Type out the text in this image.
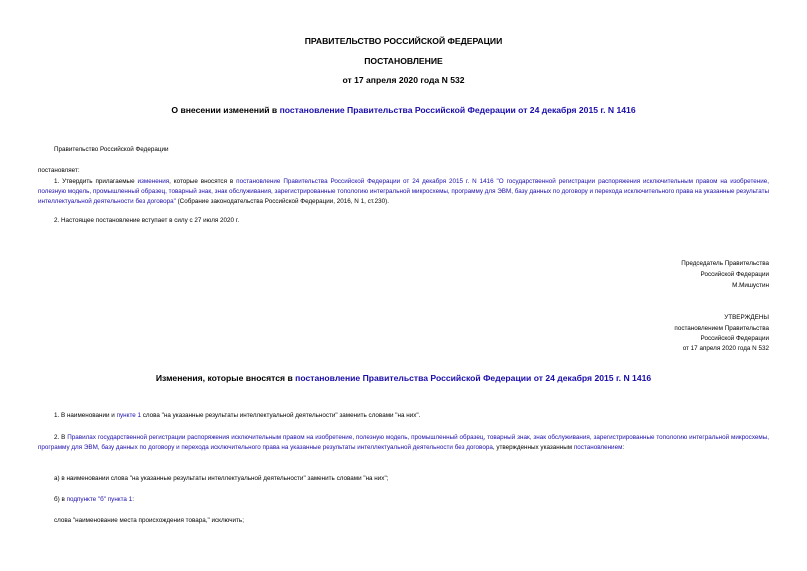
ПРАВИТЕЛЬСТВО РОССИЙСКОЙ ФЕДЕРАЦИИ
ПОСТАНОВЛЕНИЕ
от 17 апреля 2020 года N 532
О внесении изменений в постановление Правительства Российской Федерации от 24 декабря 2015 г. N 1416
Правительство Российской Федерации
постановляет:
1. Утвердить прилагаемые изменения, которые вносятся в постановление Правительства Российской Федерации от 24 декабря 2015 г. N 1416 "О государственной регистрации распоряжения исключительным правом на изобретение, полезную модель, промышленный образец, товарный знак, знак обслуживания, зарегистрированные топологию интегральной микросхемы, программу для ЭВМ, базу данных по договору и перехода исключительного права на указанные результаты интеллектуальной деятельности без договора" (Собрание законодательства Российской Федерации, 2016, N 1, ст.230).
2. Настоящее постановление вступает в силу с 27 июля 2020 г.
Председатель Правительства
Российской Федерации
М.Мишустин
УТВЕРЖДЕНЫ
постановлением Правительства
Российской Федерации
от 17 апреля 2020 года N 532
Изменения, которые вносятся в постановление Правительства Российской Федерации от 24 декабря 2015 г. N 1416
1. В наименовании и пункте 1 слова "на указанные результаты интеллектуальной деятельности" заменить словами "на них".
2. В Правилах государственной регистрации распоряжения исключительным правом на изобретение, полезную модель, промышленный образец, товарный знак, знак обслуживания, зарегистрированные топологию интегральной микросхемы, программу для ЭВМ, базу данных по договору и перехода исключительного права на указанные результаты интеллектуальной деятельности без договора, утвержденных указанным постановлением:
а) в наименовании слова "на указанные результаты интеллектуальной деятельности" заменить словами "на них";
б) в подпункте "б" пункта 1:
слова "наименование места происхождения товара," исключить;
